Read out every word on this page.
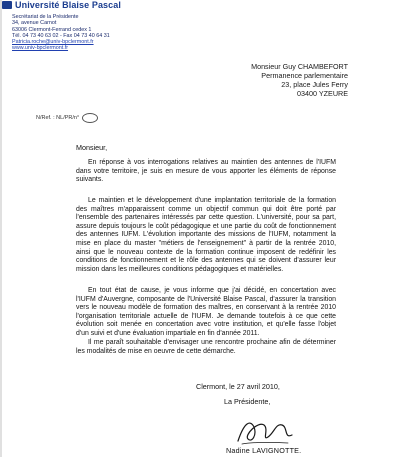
Université Blaise Pascal
Secrétariat de la Présidente
34, avenue Carnot
63006 Clermont-Ferrand cedex 1
Tél. 04 73 40 63 02 - Fax 04 73 40 64 31
Patricia.roche@univ-bpclermont.fr
www.univ-bpclermont.fr
Monsieur Guy CHAMBEFORT
Permanence parlementaire
23, place Jules Ferry
03400 YZEURE
N/Ref. : NL/PR/n°
Monsieur,
En réponse à vos interrogations relatives au maintien des antennes de l'IUFM dans votre territoire, je suis en mesure de vous apporter les éléments de réponse suivants.
Le maintien et le développement d'une implantation territoriale de la formation des maîtres m'apparaissent comme un objectif commun qui doit être porté par l'ensemble des partenaires intéressés par cette question. L'université, pour sa part, assure depuis toujours le coût pédagogique et une partie du coût de fonctionnement des antennes IUFM. L'évolution importante des missions de l'IUFM, notamment la mise en place du master "métiers de l'enseignement" à partir de la rentrée 2010, ainsi que le nouveau contexte de la formation continue imposent de redéfinir les conditions de fonctionnement et le rôle des antennes qui se doivent d'assurer leur mission dans les meilleures conditions pédagogiques et matérielles.
En tout état de cause, je vous informe que j'ai décidé, en concertation avec l'IUFM d'Auvergne, composante de l'Université Blaise Pascal, d'assurer la transition vers le nouveau modèle de formation des maîtres, en conservant à la rentrée 2010 l'organisation territoriale actuelle de l'IUFM. Je demande toutefois à ce que cette évolution soit menée en concertation avec votre institution, et qu'elle fasse l'objet d'un suivi et d'une évaluation impartiale en fin d'année 2011.
Il me paraît souhaitable d'envisager une rencontre prochaine afin de déterminer les modalités de mise en oeuvre de cette démarche.
Clermont, le 27 avril 2010,
La Présidente,
Nadine LAVIGNOTTE.
